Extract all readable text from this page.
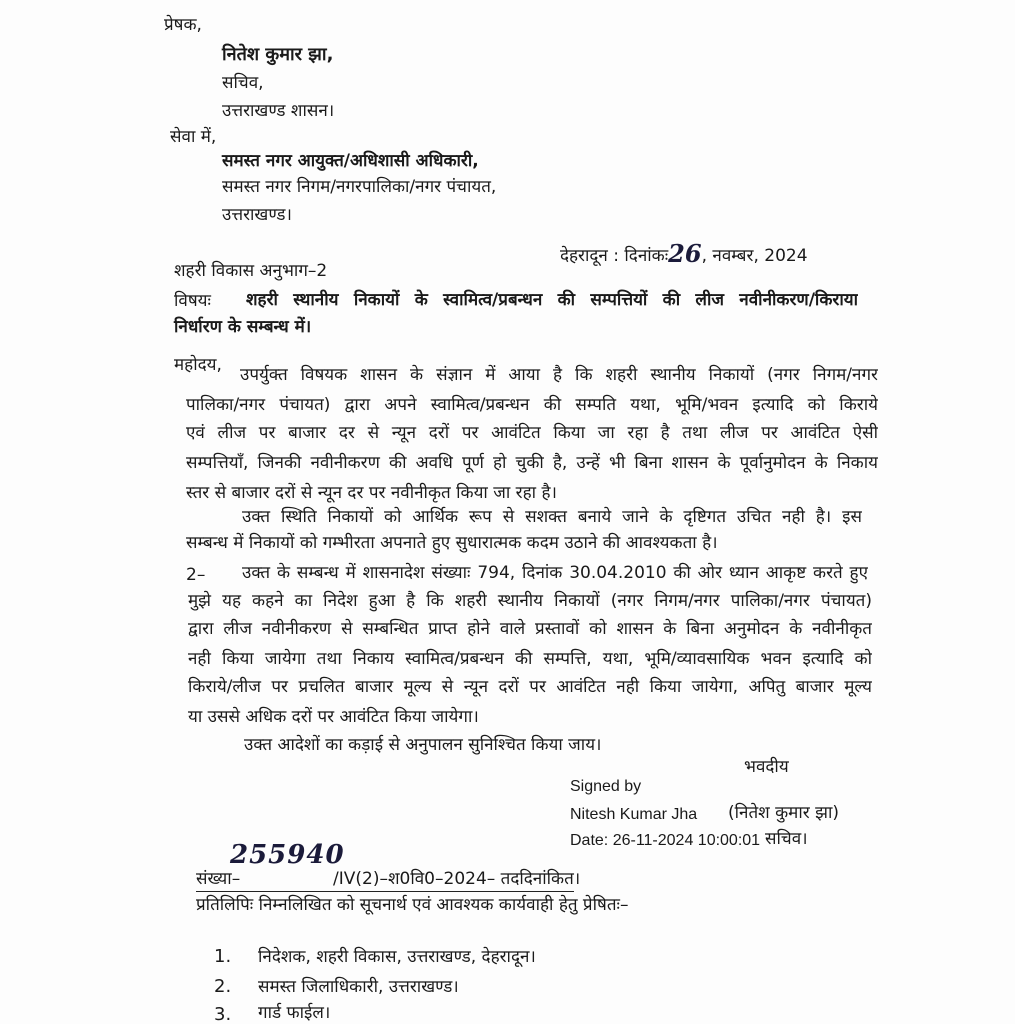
प्रेषक,
नितेश कुमार झा,
सचिव,
उत्तराखण्ड शासन।
सेवा में,
समस्त नगर आयुक्त/अधिशासी अधिकारी,
समस्त नगर निगम/नगरपालिका/नगर पंचायत,
उत्तराखण्ड।
शहरी विकास अनुभाग–2
देहरादून : दिनांकः26, नवम्बर, 2024
विषयः शहरी स्थानीय निकायों के स्वामित्व/प्रबन्धन की सम्पत्तियों की लीज नवीनीकरण/किराया
निर्धारण के सम्बन्ध में।
महोदय, उपर्युक्त विषयक शासन के संज्ञान में आया है कि शहरी स्थानीय निकायों (नगर निगम/नगर
पालिका/नगर पंचायत) द्वारा अपने स्वामित्व/प्रबन्धन की सम्पति यथा, भूमि/भवन इत्यादि को किराये
एवं लीज पर बाजार दर से न्यून दरों पर आवंटित किया जा रहा है तथा लीज पर आवंटित ऐसी
सम्पत्तियाँ, जिनकी नवीनीकरण की अवधि पूर्ण हो चुकी है, उन्हें भी बिना शासन के पूर्वानुमोदन के निकाय
स्तर से बाजार दरों से न्यून दर पर नवीनीकृत किया जा रहा है।
उक्त स्थिति निकायों को आर्थिक रूप से सशक्त बनाये जाने के दृष्टिगत उचित नही है। इस
सम्बन्ध में निकायों को गम्भीरता अपनाते हुए सुधारात्मक कदम उठाने की आवश्यकता है।
2– उक्त के सम्बन्ध में शासनादेश संख्याः 794, दिनांक 30.04.2010 की ओर ध्यान आकृष्ट करते हुए
मुझे यह कहने का निदेश हुआ है कि शहरी स्थानीय निकायों (नगर निगम/नगर पालिका/नगर पंचायत)
द्वारा लीज नवीनीकरण से सम्बन्धित प्राप्त होने वाले प्रस्तावों को शासन के बिना अनुमोदन के नवीनीकृत
नही किया जायेगा तथा निकाय स्वामित्व/प्रबन्धन की सम्पत्ति, यथा, भूमि/व्यावसायिक भवन इत्यादि को
किराये/लीज पर प्रचलित बाजार मूल्य से न्यून दरों पर आवंटित नही किया जायेगा, अपितु बाजार मूल्य
या उससे अधिक दरों पर आवंटित किया जायेगा।
उक्त आदेशों का कड़ाई से अनुपालन सुनिश्चित किया जाय।
भवदीय
Signed by
Nitesh Kumar Jha (नितेश कुमार झा)
Date: 26-11-2024 10:00:01 सचिव।
संख्या–
255940
/IV(2)–श0वि0–2024– तददिनांकित।
प्रतिलिपिः निम्नलिखित को सूचनार्थ एवं आवश्यक कार्यवाही हेतु प्रेषितः–
1. निदेशक, शहरी विकास, उत्तराखण्ड, देहरादून।
2. समस्त जिलाधिकारी, उत्तराखण्ड।
3. गार्ड फाईल।
